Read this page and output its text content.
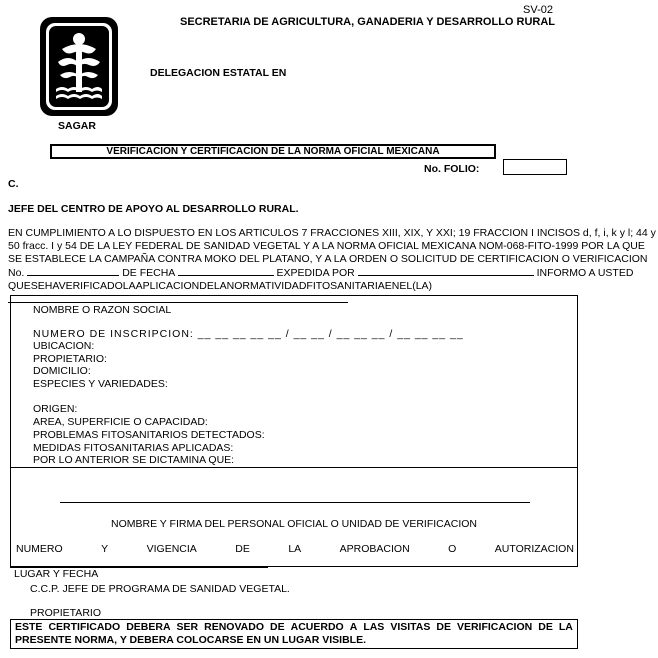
SV-02
SECRETARIA DE AGRICULTURA, GANADERIA Y DESARROLLO RURAL
DELEGACION ESTATAL EN
SAGAR
VERIFICACION Y CERTIFICACION DE LA NORMA OFICIAL MEXICANA
No. FOLIO:
C.
JEFE DEL CENTRO DE APOYO AL DESARROLLO RURAL.
EN CUMPLIMIENTO A LO DISPUESTO EN LOS ARTICULOS 7 FRACCIONES XIII, XIX, Y XXI; 19 FRACCION I INCISOS d, f, i, k y l; 44 y
50 fracc. I y 54 DE LA LEY FEDERAL DE SANIDAD VEGETAL Y A LA NORMA OFICIAL MEXICANA NOM-068-FITO-1999 POR LA QUE
SE ESTABLECE LA CAMPAÑA CONTRA MOKO DEL PLATANO, Y A LA ORDEN O SOLICITUD DE CERTIFICACION O VERIFICACION
No.	DE FECHA	EXPEDIDA POR	INFORMO A USTED
QUESEHAVERIFICADOLAAPLICACIONDELANORMATIVIDADFITOSANITARIAENEL(LA)
NOMBRE O RAZON SOCIAL
NUMERO DE INSCRIPCION: __ __ __ __ __ / __ __ / __ __ __ / __ __ __ __
UBICACION:
PROPIETARIO:
DOMICILIO:
ESPECIES Y VARIEDADES:
ORIGEN:
AREA, SUPERFICIE O CAPACIDAD:
PROBLEMAS FITOSANITARIOS DETECTADOS:
MEDIDAS FITOSANITARIAS APLICADAS:
POR LO ANTERIOR SE DICTAMINA QUE:
NOMBRE Y FIRMA DEL PERSONAL OFICIAL O UNIDAD DE VERIFICACION
NUMERO	Y	VIGENCIA	DE	LA	APROBACION	O	AUTORIZACION
LUGAR Y FECHA
C.C.P. JEFE DE PROGRAMA DE SANIDAD VEGETAL.
PROPIETARIO
ESTE CERTIFICADO DEBERA SER RENOVADO DE ACUERDO A LAS VISITAS DE VERIFICACION DE LA
PRESENTE NORMA, Y DEBERA COLOCARSE EN UN LUGAR VISIBLE.
